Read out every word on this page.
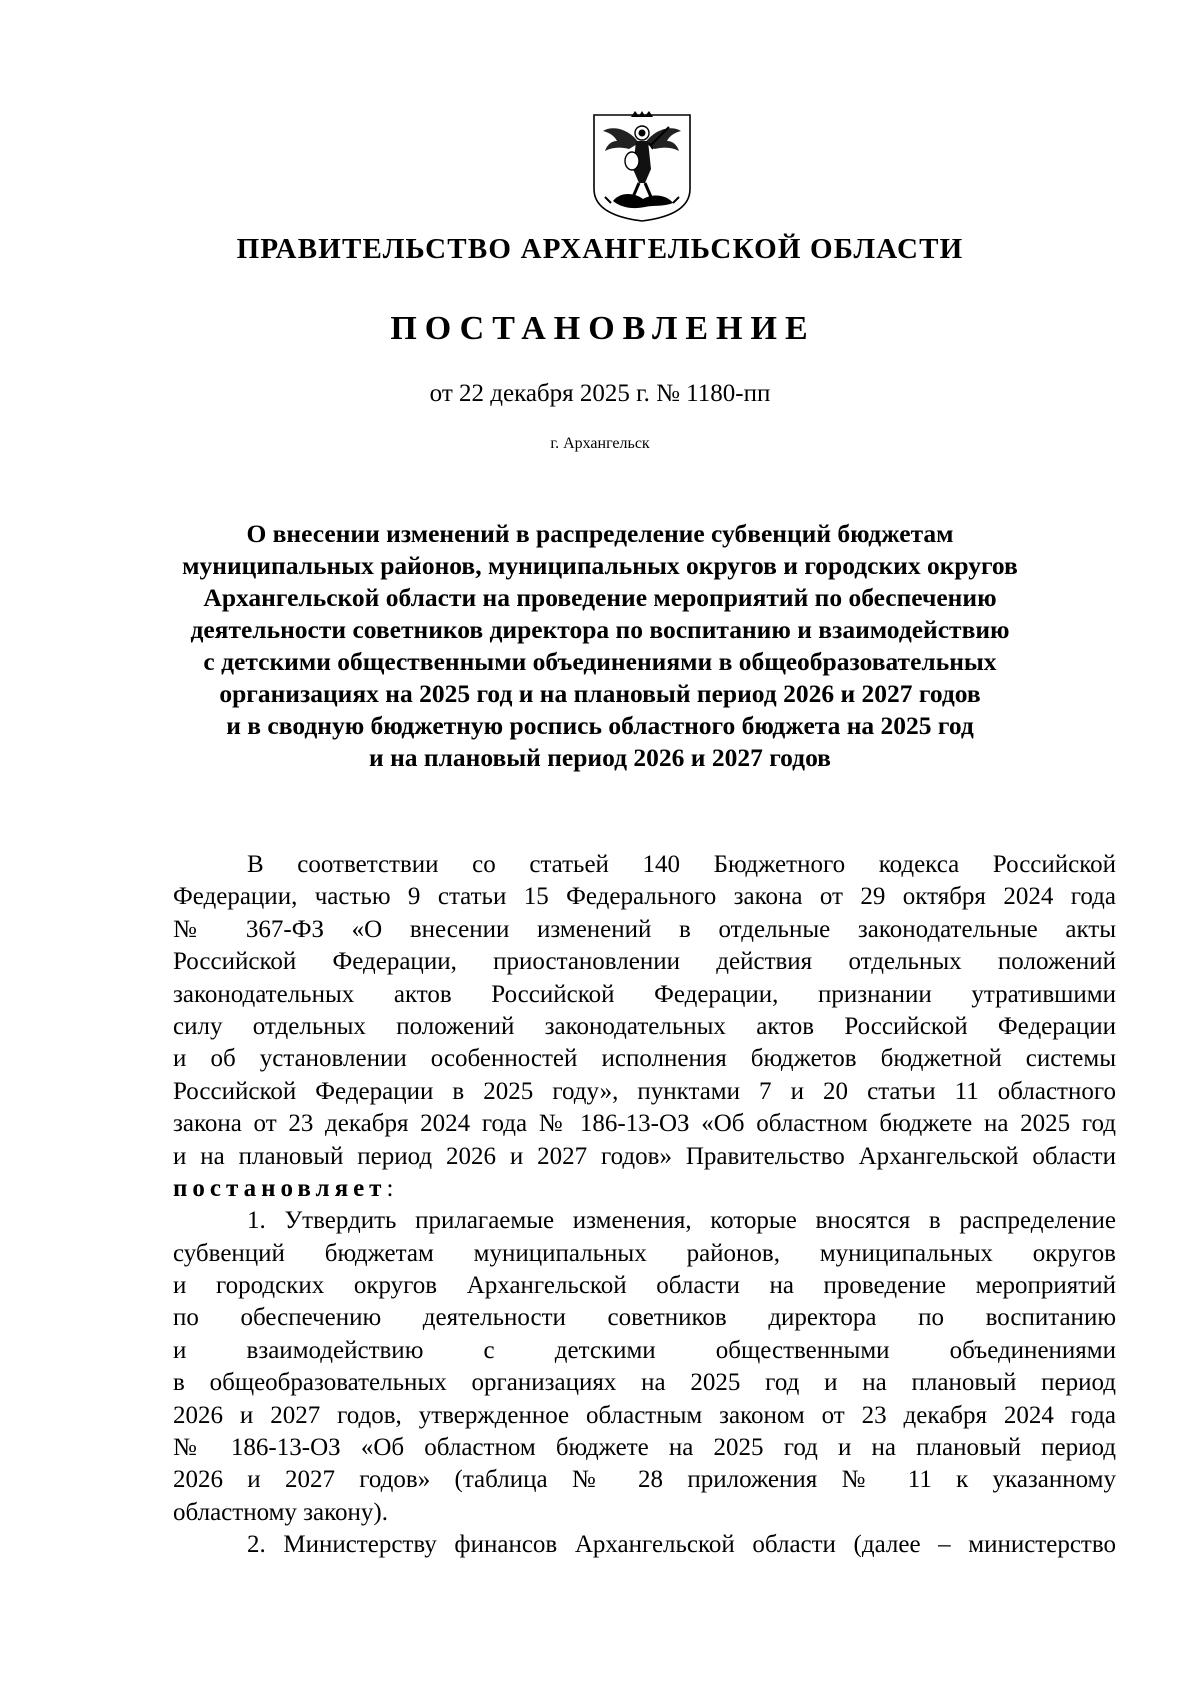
ПРАВИТЕЛЬСТВО АРХАНГЕЛЬСКОЙ ОБЛАСТИ
ПОСТАНОВЛЕНИЕ
от 22 декабря 2025 г. № 1180-пп
г. Архангельск
О внесении изменений в распределение субвенций бюджетам
муниципальных районов, муниципальных округов и городских округов
Архангельской области на проведение мероприятий по обеспечению
деятельности советников директора по воспитанию и взаимодействию
с детскими общественными объединениями в общеобразовательных
организациях на 2025 год и на плановый период 2026 и 2027 годов
и в сводную бюджетную роспись областного бюджета на 2025 год
и на плановый период 2026 и 2027 годов
В соответствии со статьей 140 Бюджетного кодекса Российской
Федерации, частью 9 статьи 15 Федерального закона от 29 октября 2024 года
№ 367-ФЗ «О внесении изменений в отдельные законодательные акты
Российской Федерации, приостановлении действия отдельных положений
законодательных актов Российской Федерации, признании утратившими
силу отдельных положений законодательных актов Российской Федерации
и об установлении особенностей исполнения бюджетов бюджетной системы
Российской Федерации в 2025 году», пунктами 7 и 20 статьи 11 областного
закона от 23 декабря 2024 года № 186-13-ОЗ «Об областном бюджете на 2025 год
и на плановый период 2026 и 2027 годов» Правительство Архангельской области
постановляет:
1. Утвердить прилагаемые изменения, которые вносятся в распределение
субвенций бюджетам муниципальных районов, муниципальных округов
и городских округов Архангельской области на проведение мероприятий
по обеспечению деятельности советников директора по воспитанию
и взаимодействию с детскими общественными объединениями
в общеобразовательных организациях на 2025 год и на плановый период
2026 и 2027 годов, утвержденное областным законом от 23 декабря 2024 года
№ 186-13-ОЗ «Об областном бюджете на 2025 год и на плановый период
2026 и 2027 годов» (таблица № 28 приложения № 11 к указанному
областному закону).
2. Министерству финансов Архангельской области (далее – министерство
